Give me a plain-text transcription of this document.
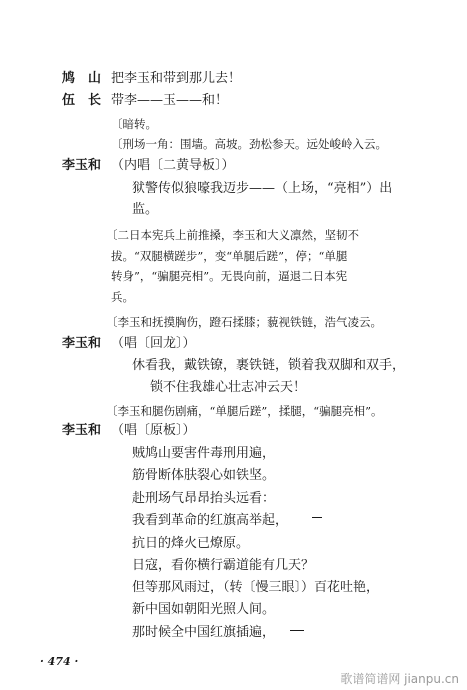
鸠　山 把李玉和带到那儿去！
伍　长 带李——玉——和！
〔暗转。
〔刑场一角：围墙。高坡。劲松参天。远处峻岭入云。
李玉和 （内唱〔二黄导板〕）
狱警传似狼嚎我迈步——（上场，“亮相”）出
监。
〔二日本宪兵上前推搡，李玉和大义凛然，坚韧不
拔。“双腿横蹉步”，变“单腿后蹉”，停；“单腿
转身”，“骗腿亮相”。无畏向前，逼退二日本宪
兵。
〔李玉和抚摸胸伤，蹬石揉膝；藐视铁链，浩气凌云。
李玉和 （唱〔回龙〕）
休看我，戴铁镣，裹铁链，锁着我双脚和双手，
锁不住我雄心壮志冲云天！
〔李玉和腿伤剧痛，“单腿后蹉”，揉腿，“骗腿亮相”。
李玉和 （唱〔原板〕）
贼鸠山要害件毒刑用遍，
筋骨断体肤裂心如铁坚。
赴刑场气昂昂抬头远看：
我看到革命的红旗高举起，
抗日的烽火已燎原。
日寇，看你横行霸道能有几天？
但等那风雨过，（转〔慢三眼〕）百花吐艳，
新中国如朝阳光照人间。
那时候全中国红旗插遍，
· 474 ·
歌谱简谱网 jianpu.cn
